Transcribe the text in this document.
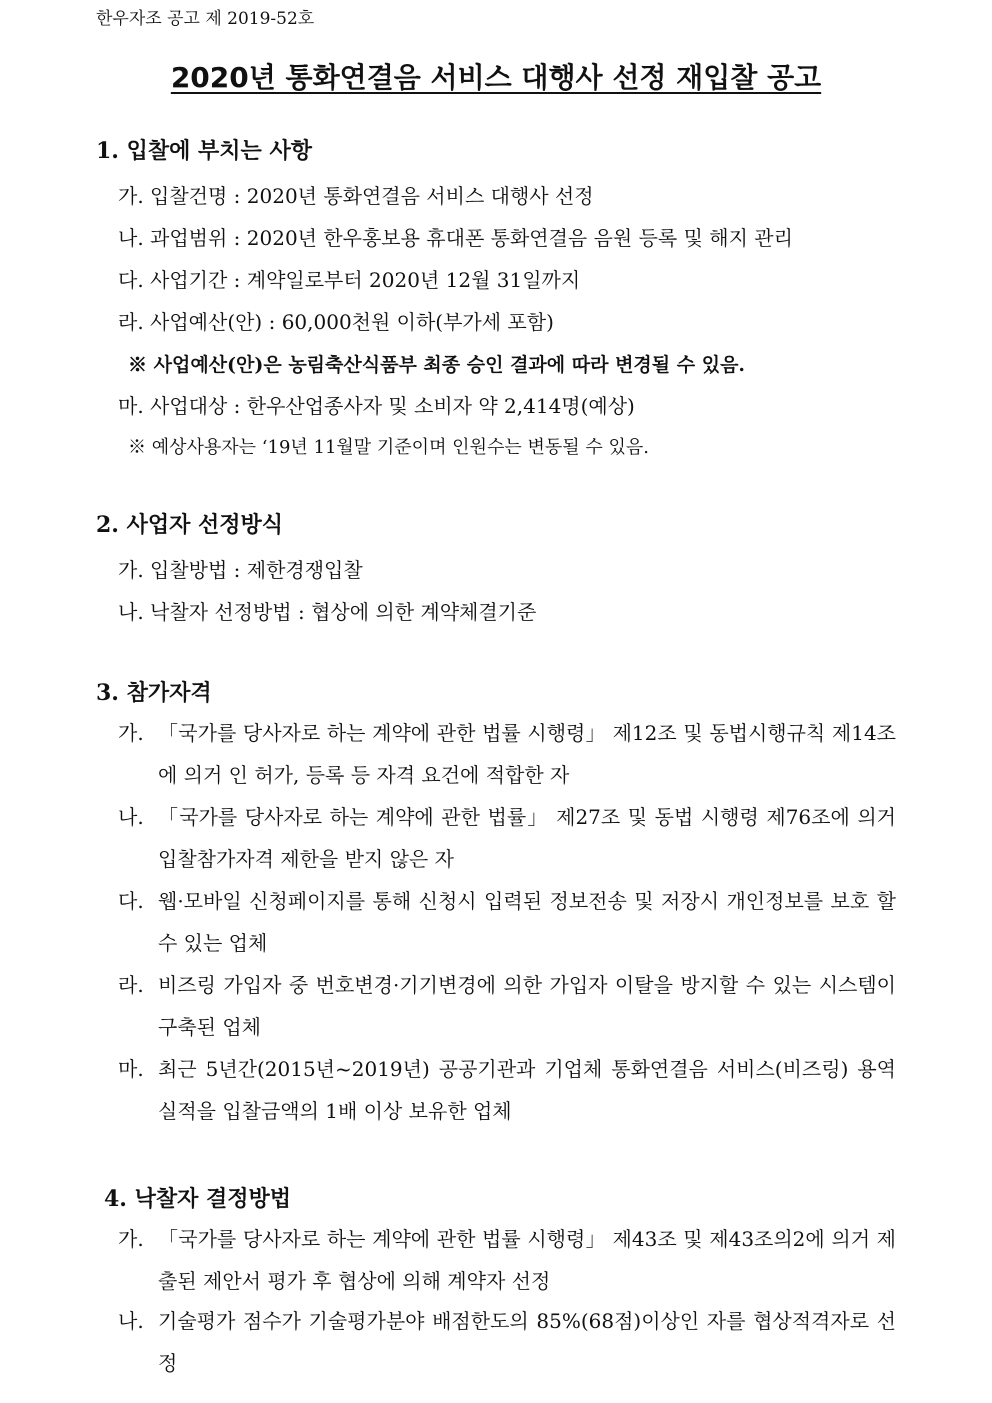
한우자조 공고 제 2019-52호
2020년 통화연결음 서비스 대행사 선정 재입찰 공고
1. 입찰에 부치는 사항
가. 입찰건명 : 2020년 통화연결음 서비스 대행사 선정
나. 과업범위 : 2020년 한우홍보용 휴대폰 통화연결음 음원 등록 및 해지 관리
다. 사업기간 : 계약일로부터 2020년 12월 31일까지
라. 사업예산(안) : 60,000천원 이하(부가세 포함)
※ 사업예산(안)은 농림축산식품부 최종 승인 결과에 따라 변경될 수 있음.
마. 사업대상 : 한우산업종사자 및 소비자 약 2,414명(예상)
※ 예상사용자는 ‘19년 11월말 기준이며 인원수는 변동될 수 있음.
2. 사업자 선정방식
가. 입찰방법 : 제한경쟁입찰
나. 낙찰자 선정방법 : 협상에 의한 계약체결기준
3. 참가자격
가. 「국가를 당사자로 하는 계약에 관한 법률 시행령」 제12조 및 동법시행규칙 제14조에 의거 인 허가, 등록 등 자격 요건에 적합한 자
나. 「국가를 당사자로 하는 계약에 관한 법률」 제27조 및 동법 시행령 제76조에 의거 입찰참가자격 제한을 받지 않은 자
다. 웹·모바일 신청페이지를 통해 신청시 입력된 정보전송 및 저장시 개인정보를 보호 할 수 있는 업체
라. 비즈링 가입자 중 번호변경·기기변경에 의한 가입자 이탈을 방지할 수 있는 시스템이 구축된 업체
마. 최근 5년간(2015년~2019년) 공공기관과 기업체 통화연결음 서비스(비즈링) 용역실적을 입찰금액의 1배 이상 보유한 업체
4. 낙찰자 결정방법
가. 「국가를 당사자로 하는 계약에 관한 법률 시행령」 제43조 및 제43조의2에 의거 제출된 제안서 평가 후 협상에 의해 계약자 선정
나. 기술평가 점수가 기술평가분야 배점한도의 85%(68점)이상인 자를 협상적격자로 선정
